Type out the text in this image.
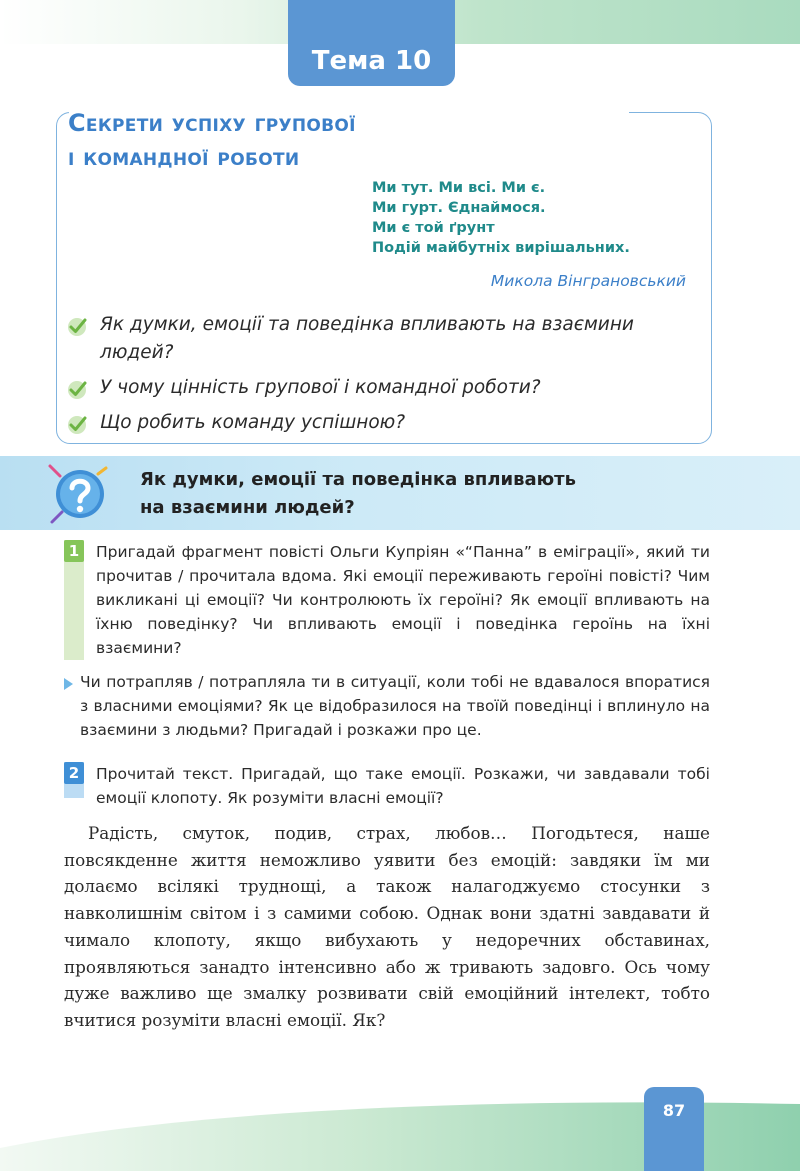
Тема 10
Секрети успіху групової
і командної роботи
Ми тут. Ми всі. Ми є.
Ми гурт. Єднаймося.
Ми є той ґрунт
Подій майбутніх вирішальних.
Микола Вінграновський
Як думки, емоції та поведінка впливають на взаємини людей?
У чому цінність групової і командної роботи?
Що робить команду успішною?
Як думки, емоції та поведінка впливають
на взаємини людей?
1	Пригадай фрагмент повісті Ольги Купріян «“Панна” в еміграції», який ти прочитав / прочитала вдома. Які емоції переживають героїні повісті? Чим викликані ці емоції? Чи контролюють їх героїні? Як емоції впливають на їхню поведінку? Чи впливають емоції і поведінка героїнь на їхні взаємини?
Чи потрапляв / потрапляла ти в ситуації, коли тобі не вдавалося впоратися з власними емоціями? Як це відобразилося на твоїй поведінці і вплинуло на взаємини з людьми? Пригадай і розкажи про це.
2	Прочитай текст. Пригадай, що таке емоції. Розкажи, чи завдавали тобі емоції клопоту. Як розуміти власні емоції?
Радість, смуток, подив, страх, любов… Погодьтеся, наше повсякденне життя неможливо уявити без емоцій: завдяки їм ми долаємо всілякі труднощі, а також налагоджуємо стосунки з навколишнім світом і з самими собою. Однак вони здатні завдавати й чимало клопоту, якщо вибухають у недоречних обставинах, проявляються занадто інтенсивно або ж тривають задовго. Ось чому дуже важливо ще змалку розвивати свій емоційний інтелект, тобто вчитися розуміти власні емоції. Як?
87
